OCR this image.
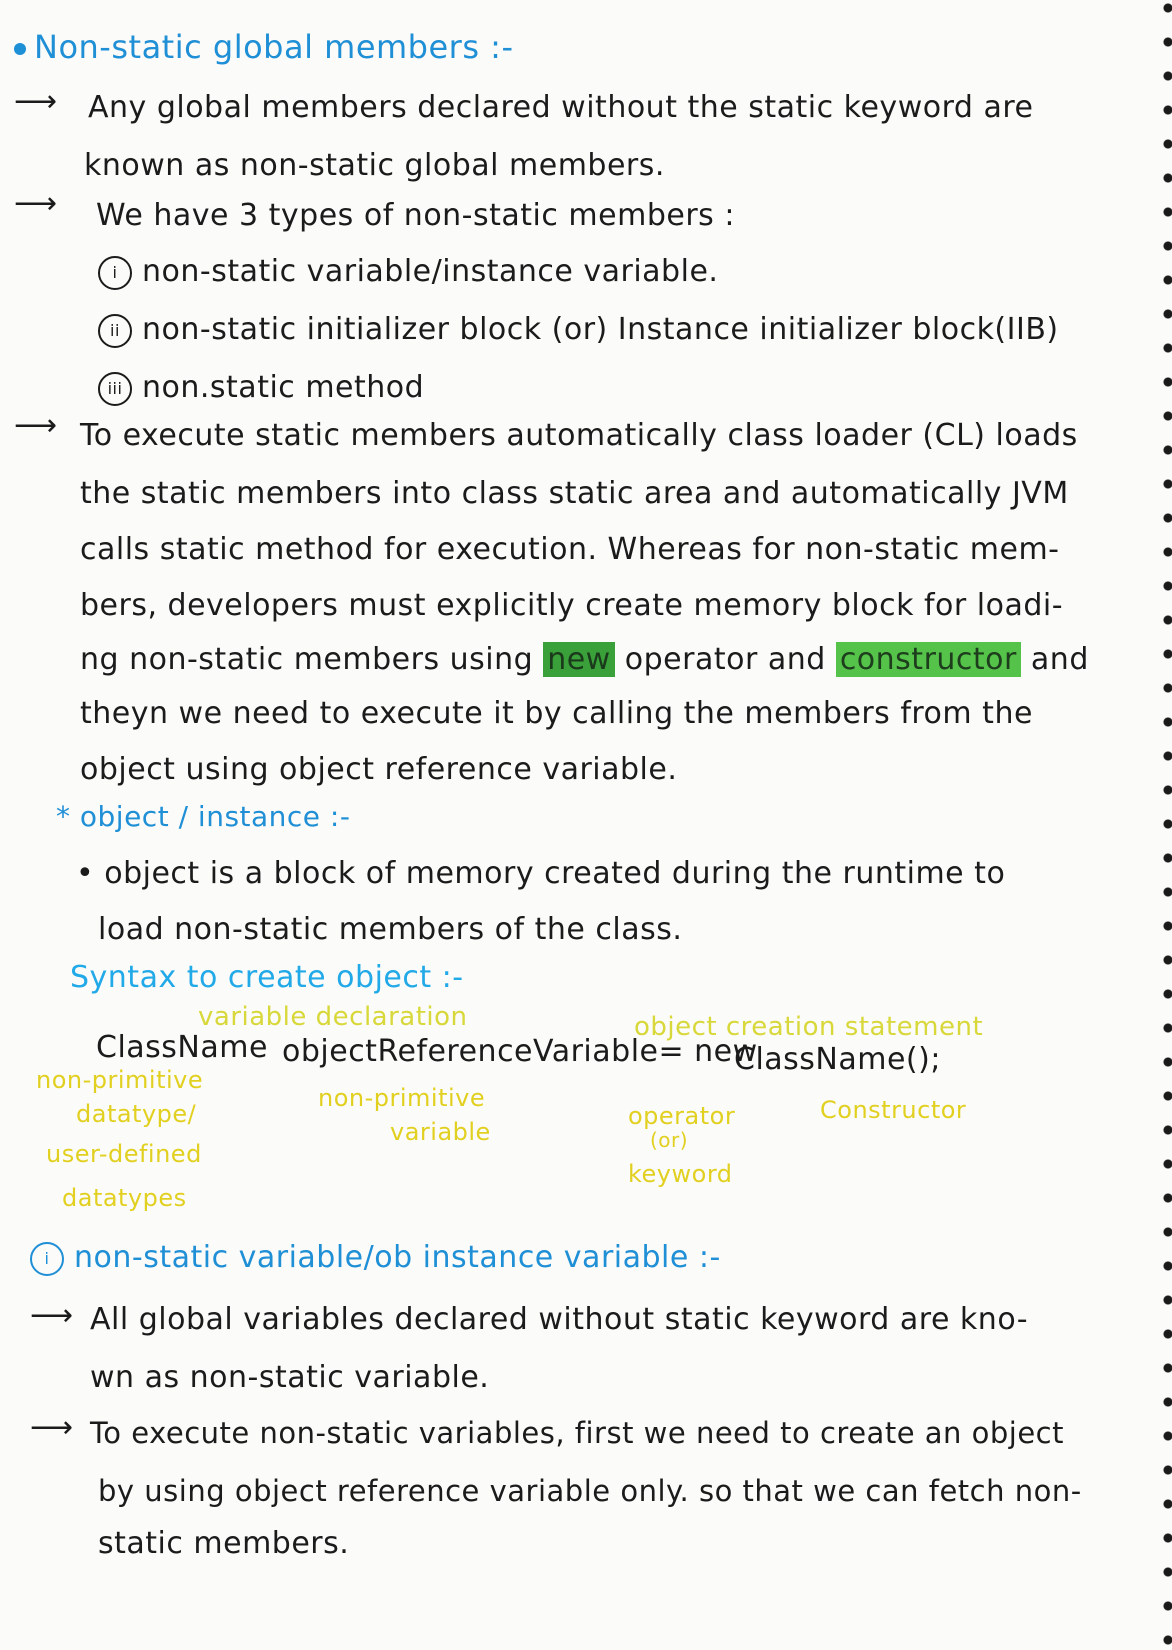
Non-static global members :-
⟶ Any global members declared without the static keyword are
known as non-static global members.
⟶ We have 3 types of non-static members :
i non-static variable/instance variable.
ii non-static initializer block (or) Instance initializer block(IIB)
iii non.static method
⟶ To execute static members automatically class loader (CL) loads
the static members into class static area and automatically JVM
calls static method for execution. Whereas for non-static mem-
bers, developers must explicitly create memory block for loadi-
ng non-static members using new operator and constructor and
theyn we need to execute it by calling the members from the
object using object reference variable.
* object / instance :-
• object is a block of memory created during the runtime to
load non-static members of the class.
Syntax to create object :-
variable declaration	object creation statement
ClassName objectReferenceVariable= new
ClassName();
non-primitive
datatype/
user-defined
datatypes
non-primitive
variable
operator
(or)
keyword
Constructor
i non-static variable/ob instance variable :-
⟶ All global variables declared without static keyword are kno-
wn as non-static variable.
⟶ To execute non-static variables, first we need to create an object
by using object reference variable only. so that we can fetch non-
static members.
